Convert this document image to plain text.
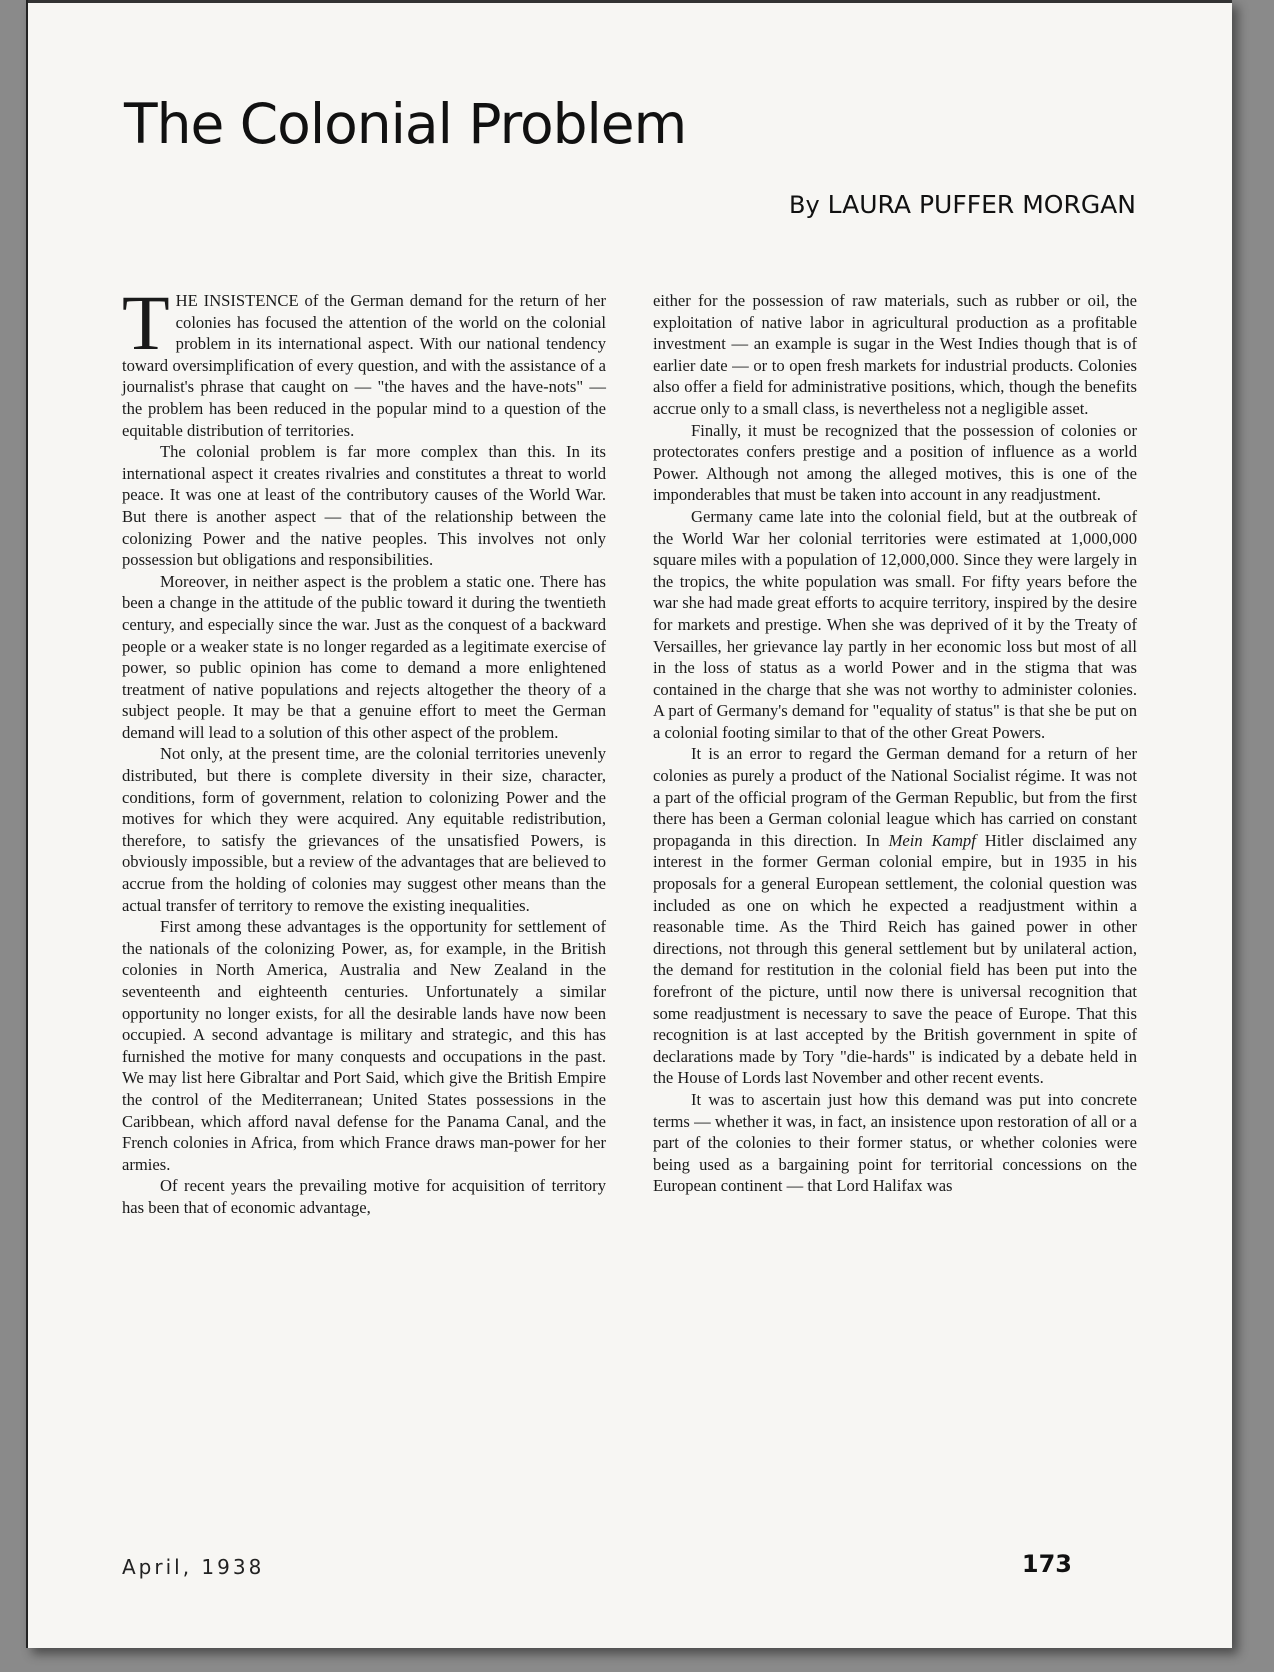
The Colonial Problem
By LAURA PUFFER MORGAN

THE INSISTENCE of the German demand for the return of her colonies has focused the attention of the world on the colonial problem in its international aspect. With our national tendency toward oversimplification of every question, and with the assistance of a journalist's phrase that caught on — "the haves and the have-nots" — the problem has been reduced in the popular mind to a question of the equitable distribution of territories.

The colonial problem is far more complex than this. In its international aspect it creates rivalries and constitutes a threat to world peace. It was one at least of the contributory causes of the World War. But there is another aspect — that of the relationship between the colonizing Power and the native peoples. This involves not only possession but obligations and responsibilities.

Moreover, in neither aspect is the problem a static one. There has been a change in the attitude of the public toward it during the twentieth century, and especially since the war. Just as the conquest of a backward people or a weaker state is no longer regarded as a legitimate exercise of power, so public opinion has come to demand a more enlightened treatment of native populations and rejects altogether the theory of a subject people. It may be that a genuine effort to meet the German demand will lead to a solution of this other aspect of the problem.

Not only, at the present time, are the colonial territories unevenly distributed, but there is complete diversity in their size, character, conditions, form of government, relation to colonizing Power and the motives for which they were acquired. Any equitable redistribution, therefore, to satisfy the grievances of the unsatisfied Powers, is obviously impossible, but a review of the advantages that are believed to accrue from the holding of colonies may suggest other means than the actual transfer of territory to remove the existing inequalities.

First among these advantages is the opportunity for settlement of the nationals of the colonizing Power, as, for example, in the British colonies in North America, Australia and New Zealand in the seventeenth and eighteenth centuries. Unfortunately a similar opportunity no longer exists, for all the desirable lands have now been occupied. A second advantage is military and strategic, and this has furnished the motive for many conquests and occupations in the past. We may list here Gibraltar and Port Said, which give the British Empire the control of the Mediterranean; United States possessions in the Caribbean, which afford naval defense for the Panama Canal, and the French colonies in Africa, from which France draws man-power for her armies.

Of recent years the prevailing motive for acquisition of territory has been that of economic advantage,

either for the possession of raw materials, such as rubber or oil, the exploitation of native labor in agricultural production as a profitable investment — an example is sugar in the West Indies though that is of earlier date — or to open fresh markets for industrial products. Colonies also offer a field for administrative positions, which, though the benefits accrue only to a small class, is nevertheless not a negligible asset.

Finally, it must be recognized that the possession of colonies or protectorates confers prestige and a position of influence as a world Power. Although not among the alleged motives, this is one of the imponderables that must be taken into account in any readjustment.

Germany came late into the colonial field, but at the outbreak of the World War her colonial territories were estimated at 1,000,000 square miles with a population of 12,000,000. Since they were largely in the tropics, the white population was small. For fifty years before the war she had made great efforts to acquire territory, inspired by the desire for markets and prestige. When she was deprived of it by the Treaty of Versailles, her grievance lay partly in her economic loss but most of all in the loss of status as a world Power and in the stigma that was contained in the charge that she was not worthy to administer colonies. A part of Germany's demand for "equality of status" is that she be put on a colonial footing similar to that of the other Great Powers.

It is an error to regard the German demand for a return of her colonies as purely a product of the National Socialist régime. It was not a part of the official program of the German Republic, but from the first there has been a German colonial league which has carried on constant propaganda in this direction. In Mein Kampf Hitler disclaimed any interest in the former German colonial empire, but in 1935 in his proposals for a general European settlement, the colonial question was included as one on which he expected a readjustment within a reasonable time. As the Third Reich has gained power in other directions, not through this general settlement but by unilateral action, the demand for restitution in the colonial field has been put into the forefront of the picture, until now there is universal recognition that some readjustment is necessary to save the peace of Europe. That this recognition is at last accepted by the British government in spite of declarations made by Tory "die-hards" is indicated by a debate held in the House of Lords last November and other recent events.

It was to ascertain just how this demand was put into concrete terms — whether it was, in fact, an insistence upon restoration of all or a part of the colonies to their former status, or whether colonies were being used as a bargaining point for territorial concessions on the European continent — that Lord Halifax was

April, 1938	173
